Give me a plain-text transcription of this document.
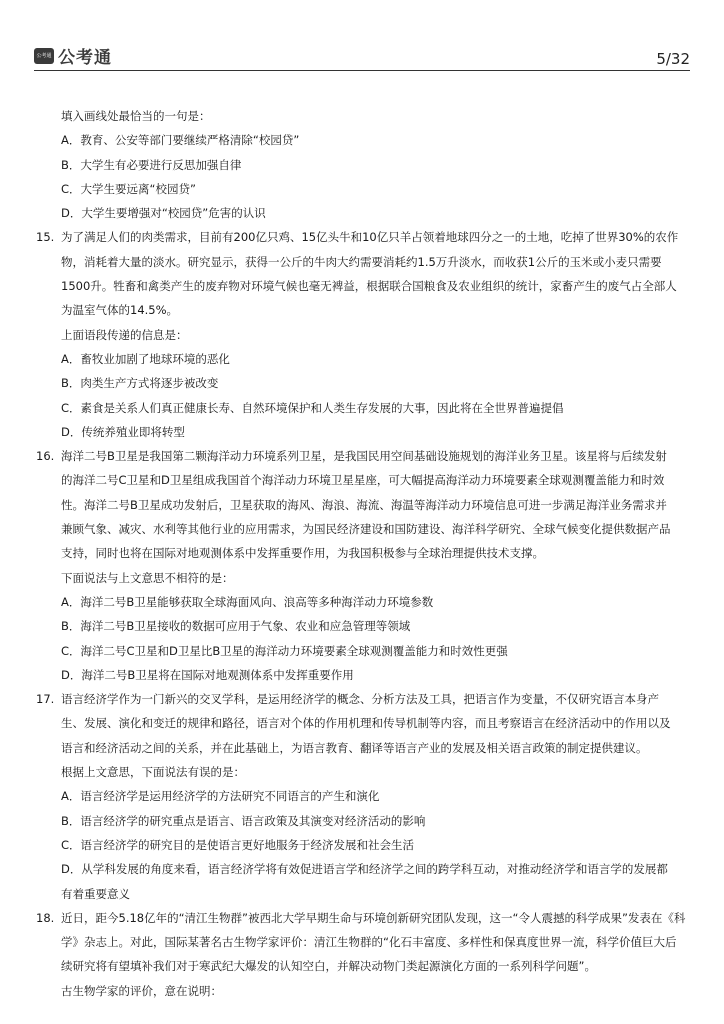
公考通 公考通	5/32

填入画线处最恰当的一句是：

A．教育、公安等部门要继续严格清除“校园贷”

B．大学生有必要进行反思加强自律

C．大学生要远离“校园贷”

D．大学生要增强对“校园贷”危害的认识

15. 为了满足人们的肉类需求，目前有200亿只鸡、15亿头牛和10亿只羊占领着地球四分之一的土地，吃掉了世界30%的农作

物，消耗着大量的淡水。研究显示，获得一公斤的牛肉大约需要消耗约1.5万升淡水，而收获1公斤的玉米或小麦只需要

1500升。牲畜和禽类产生的废弃物对环境气候也毫无裨益，根据联合国粮食及农业组织的统计，家畜产生的废气占全部人

为温室气体的14.5%。

上面语段传递的信息是：

A．畜牧业加剧了地球环境的恶化

B．肉类生产方式将逐步被改变

C．素食是关系人们真正健康长寿、自然环境保护和人类生存发展的大事，因此将在全世界普遍提倡

D．传统养殖业即将转型

16. 海洋二号B卫星是我国第二颗海洋动力环境系列卫星，是我国民用空间基础设施规划的海洋业务卫星。该星将与后续发射

的海洋二号C卫星和D卫星组成我国首个海洋动力环境卫星星座，可大幅提高海洋动力环境要素全球观测覆盖能力和时效

性。海洋二号B卫星成功发射后，卫星获取的海风、海浪、海流、海温等海洋动力环境信息可进一步满足海洋业务需求并

兼顾气象、减灾、水利等其他行业的应用需求，为国民经济建设和国防建设、海洋科学研究、全球气候变化提供数据产品

支持，同时也将在国际对地观测体系中发挥重要作用，为我国积极参与全球治理提供技术支撑。

下面说法与上文意思不相符的是：

A．海洋二号B卫星能够获取全球海面风向、浪高等多种海洋动力环境参数

B．海洋二号B卫星接收的数据可应用于气象、农业和应急管理等领域

C．海洋二号C卫星和D卫星比B卫星的海洋动力环境要素全球观测覆盖能力和时效性更强

D．海洋二号B卫星将在国际对地观测体系中发挥重要作用

17. 语言经济学作为一门新兴的交叉学科，是运用经济学的概念、分析方法及工具，把语言作为变量，不仅研究语言本身产

生、发展、演化和变迁的规律和路径，语言对个体的作用机理和传导机制等内容，而且考察语言在经济活动中的作用以及

语言和经济活动之间的关系，并在此基础上，为语言教育、翻译等语言产业的发展及相关语言政策的制定提供建议。

根据上文意思，下面说法有误的是：

A．语言经济学是运用经济学的方法研究不同语言的产生和演化

B．语言经济学的研究重点是语言、语言政策及其演变对经济活动的影响

C．语言经济学的研究目的是使语言更好地服务于经济发展和社会生活

D．从学科发展的角度来看，语言经济学将有效促进语言学和经济学之间的跨学科互动，对推动经济学和语言学的发展都

有着重要意义

18. 近日，距今5.18亿年的“清江生物群”被西北大学早期生命与环境创新研究团队发现，这一“令人震撼的科学成果”发表在《科

学》杂志上。对此，国际某著名古生物学家评价：清江生物群的“化石丰富度、多样性和保真度世界一流，科学价值巨大后

续研究将有望填补我们对于寒武纪大爆发的认知空白，并解决动物门类起源演化方面的一系列科学问题”。

古生物学家的评价，意在说明：
